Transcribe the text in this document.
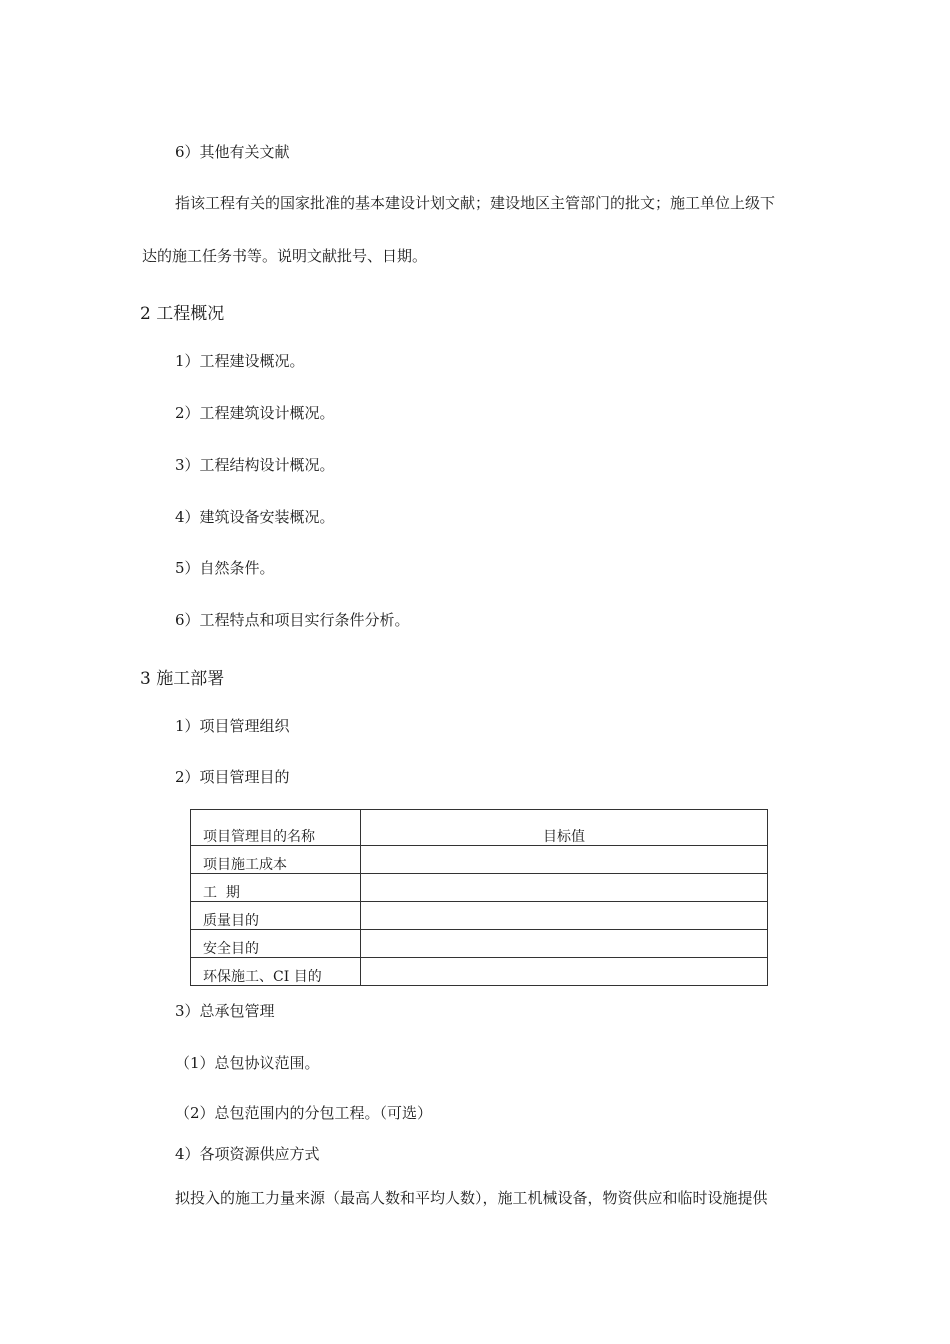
6）其他有关文献
指该工程有关的国家批准的基本建设计划文献；建设地区主管部门的批文；施工单位上级下
达的施工任务书等。说明文献批号、日期。
2 工程概况
1）工程建设概况。
2）工程建筑设计概况。
3）工程结构设计概况。
4）建筑设备安装概况。
5）自然条件。
6）工程特点和项目实行条件分析。
3 施工部署
1）项目管理组织
2）项目管理目的
项目管理目的名称	目标值
项目施工成本	
工  期	
质量目的	
安全目的	
环保施工、CI 目的	
3）总承包管理
（1）总包协议范围。
（2）总包范围内的分包工程。（可选）
4）各项资源供应方式
拟投入的施工力量来源（最高人数和平均人数），施工机械设备，物资供应和临时设施提供
